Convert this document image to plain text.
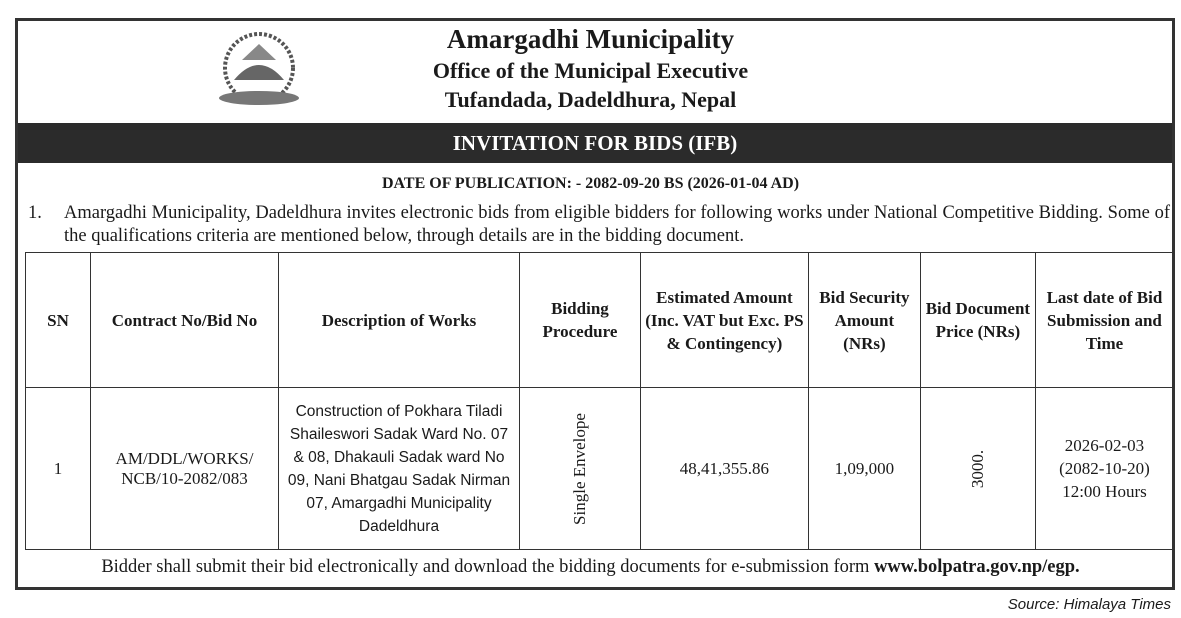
Amargadhi Municipality
Office of the Municipal Executive
Tufandada, Dadeldhura, Nepal
INVITATION FOR BIDS (IFB)
DATE OF PUBLICATION: - 2082-09-20 BS (2026-01-04 AD)
1. Amargadhi Municipality, Dadeldhura invites electronic bids from eligible bidders for following works under National Competitive Bidding. Some of the qualifications criteria are mentioned below, through details are in the bidding document.
SN	Contract No/Bid No	Description of Works	Bidding Procedure	Estimated Amount (Inc. VAT but Exc. PS & Contingency)	Bid Security Amount (NRs)	Bid Document Price (NRs)	Last date of Bid Submission and Time
1	AM/DDL/WORKS/ NCB/10-2082/083	Construction of Pokhara Tiladi Shaileswori Sadak Ward No. 07 & 08, Dhakauli Sadak ward No 09, Nani Bhatgau Sadak Nirman 07, Amargadhi Municipality Dadeldhura	Single Envelope	48,41,355.86	1,09,000	3000.	2026-02-03
(2082-10-20)
12:00 Hours
Bidder shall submit their bid electronically and download the bidding documents for e-submission form www.bolpatra.gov.np/egp.
Source: Himalaya Times
